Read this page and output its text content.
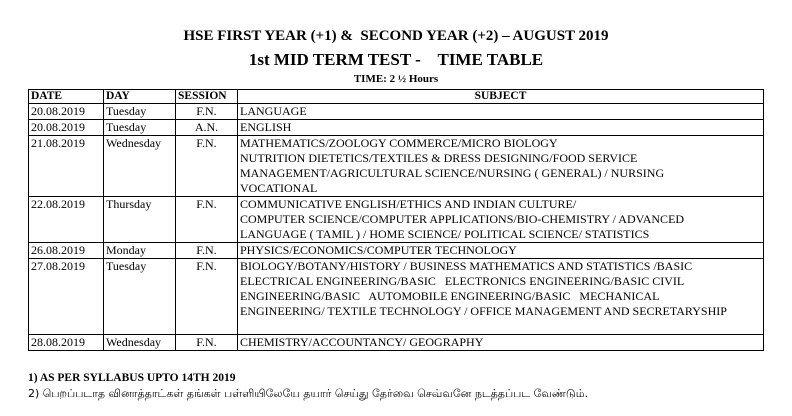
HSE FIRST YEAR (+1) &  SECOND YEAR (+2) – AUGUST 2019
1st MID TERM TEST -    TIME TABLE
TIME: 2 ½ Hours
DATE	DAY	SESSION	SUBJECT
20.08.2019	Tuesday	F.N.	LANGUAGE

20.08.2019	Tuesday	A.N.	ENGLISH

21.08.2019	Wednesday	F.N.	MATHEMATICS/ZOOLOGY COMMERCE/MICRO BIOLOGY
NUTRITION DIETETICS/TEXTILES & DRESS DESIGNING/FOOD SERVICE
MANAGEMENT/AGRICULTURAL SCIENCE/NURSING ( GENERAL) / NURSING
VOCATIONAL

22.08.2019	Thursday	F.N.	COMMUNICATIVE ENGLISH/ETHICS AND INDIAN CULTURE/
COMPUTER SCIENCE/COMPUTER APPLICATIONS/BIO-CHEMISTRY / ADVANCED
LANGUAGE ( TAMIL ) / HOME SCIENCE/ POLITICAL SCIENCE/ STATISTICS

26.08.2019	Monday	F.N.	PHYSICS/ECONOMICS/COMPUTER TECHNOLOGY

27.08.2019	Tuesday	F.N.	BIOLOGY/BOTANY/HISTORY / BUSINESS MATHEMATICS AND STATISTICS /BASIC
ELECTRICAL ENGINEERING/BASIC   ELECTRONICS ENGINEERING/BASIC CIVIL
ENGINEERING/BASIC   AUTOMOBILE ENGINEERING/BASIC   MECHANICAL
ENGINEERING/ TEXTILE TECHNOLOGY / OFFICE MANAGEMENT AND SECRETARYSHIP

28.08.2019	Wednesday	F.N.	CHEMISTRY/ACCOUNTANCY/ GEOGRAPHY
1) AS PER SYLLABUS UPTO 14TH 2019
2) பெறப்படாத வினாத்தாட்கள் தங்கள் பள்ளியிலேயே தயார் செய்து தேர்வை செவ்வனே நடத்தப்பட வேண்டும்.
